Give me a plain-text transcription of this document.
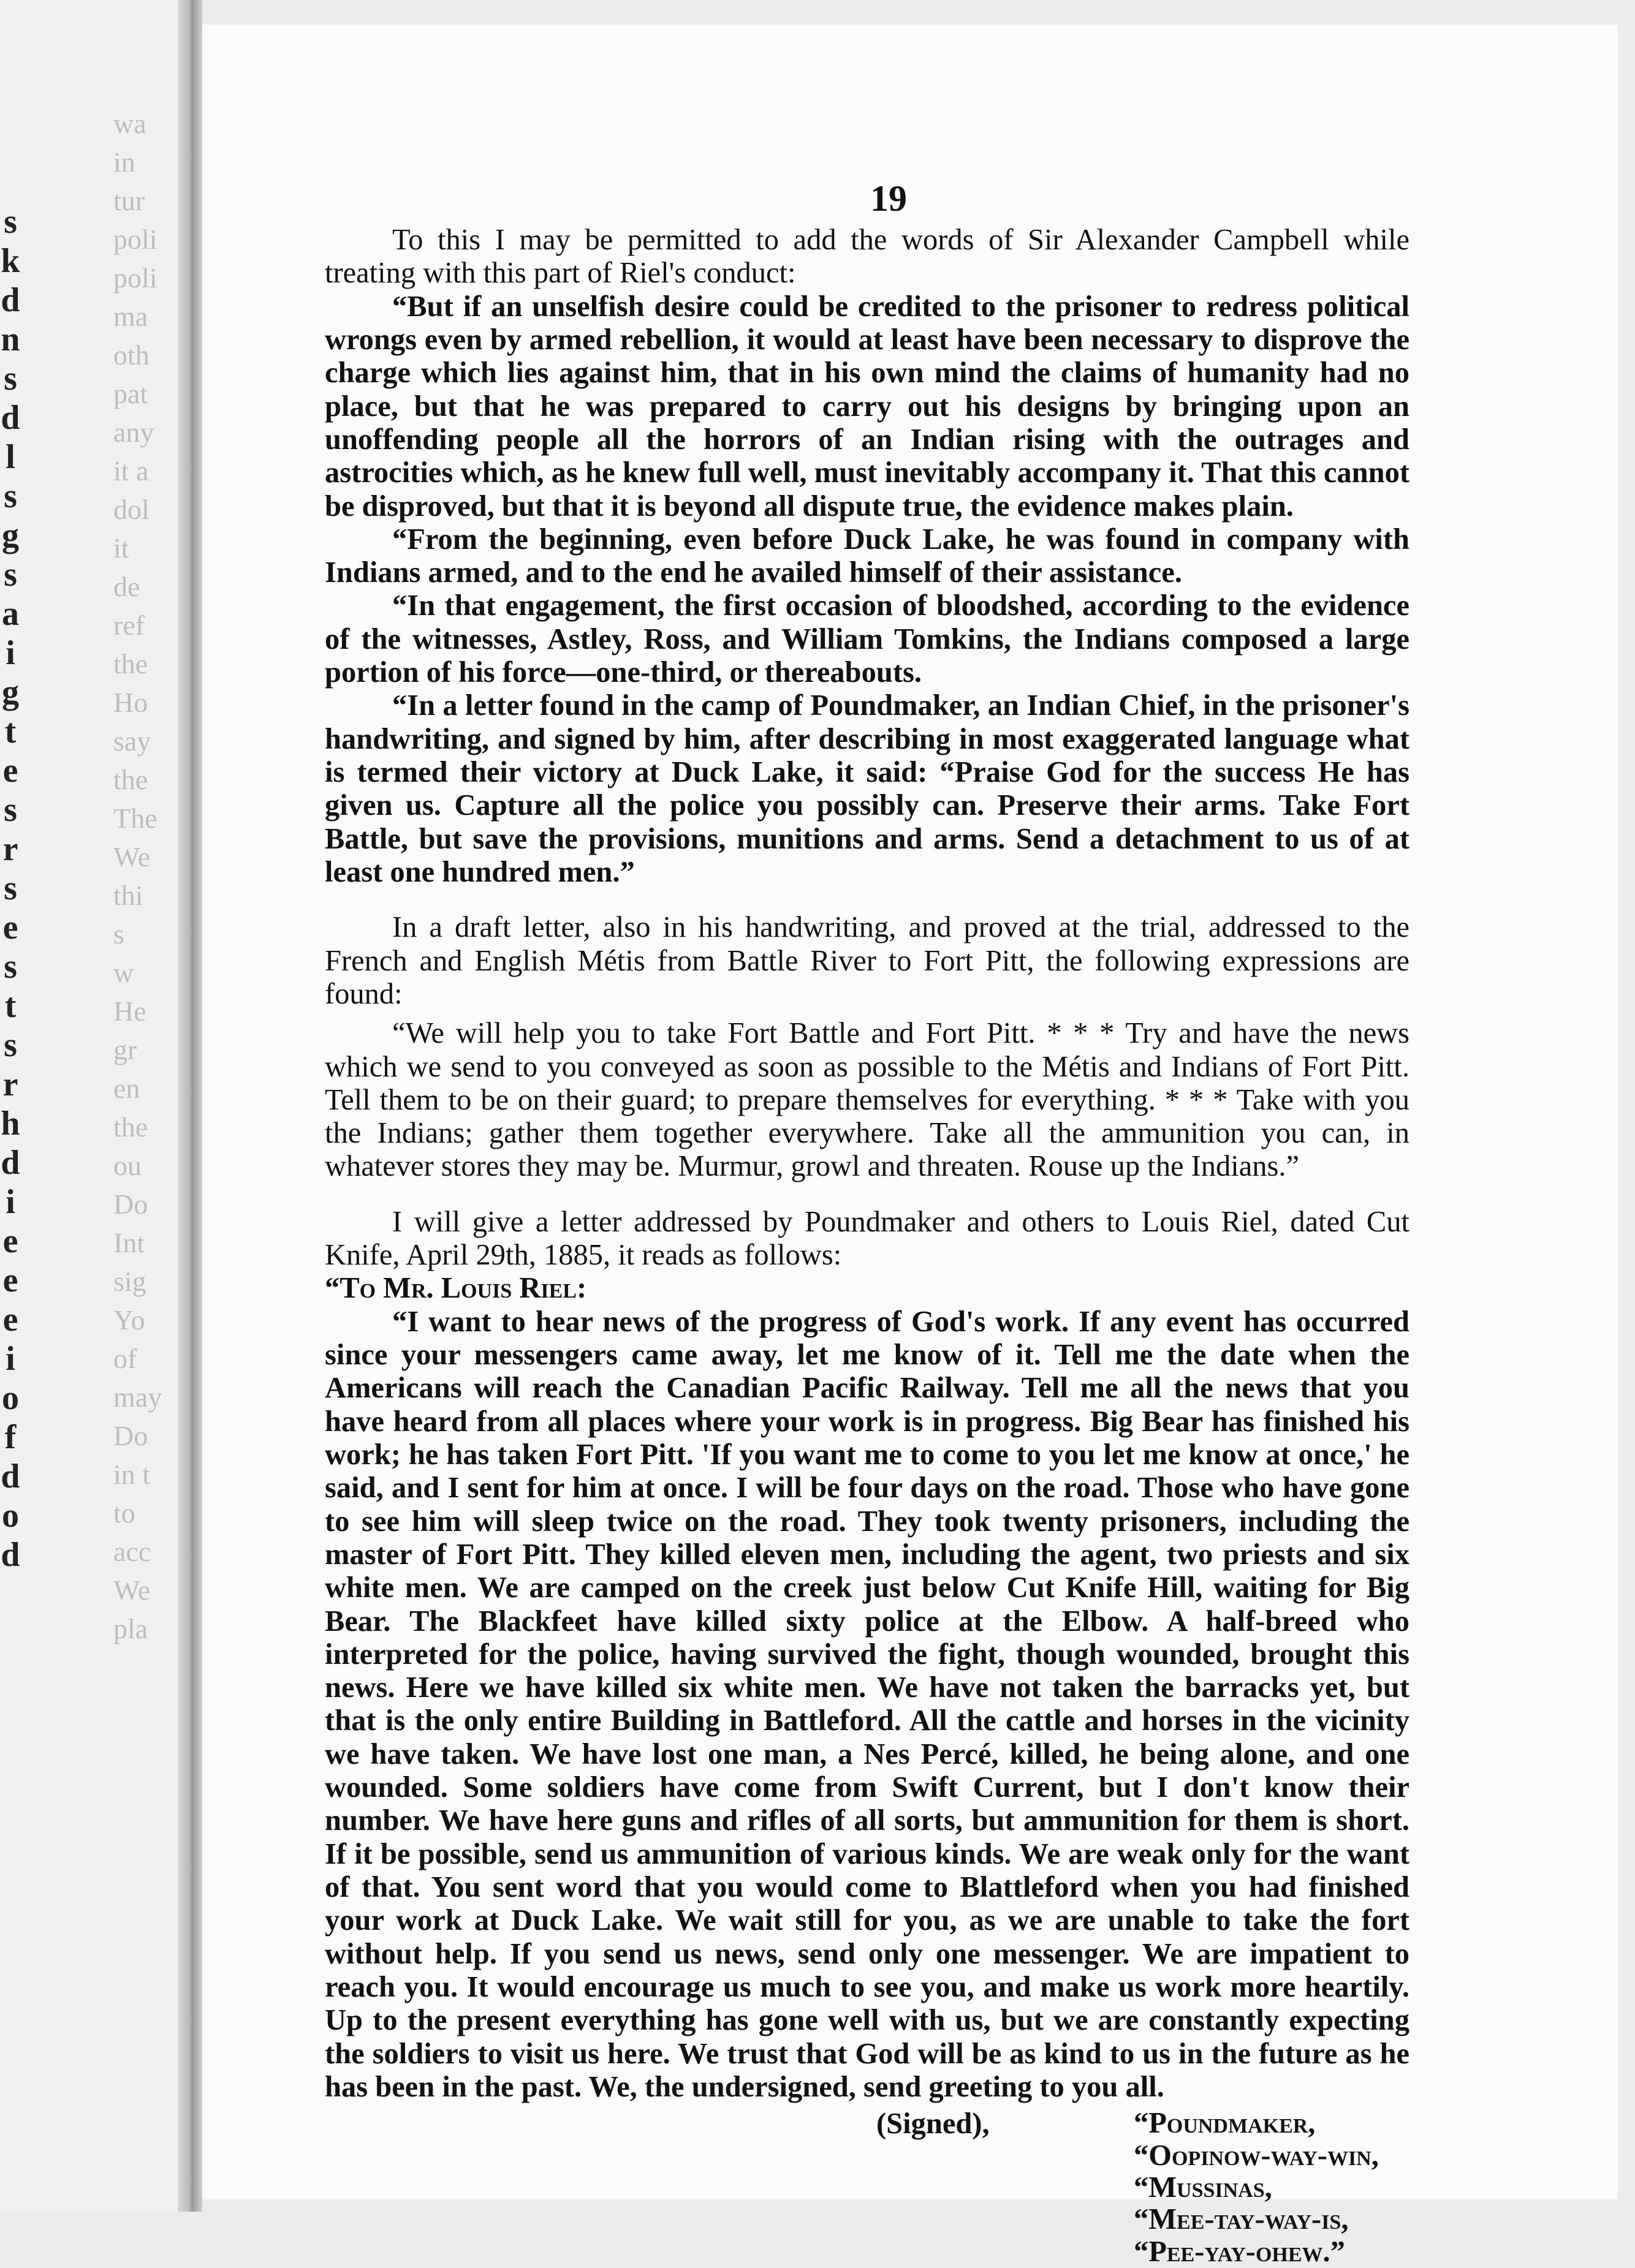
wa
in
tur
poli
poli
ma
oth
pat
any
it a
dol
it
de
ref
the
Ho
say
the
The
We
thi
s
w
He
gr
en
the
ou
Do
Int
sig
Yo
of
may
Do
in t
to
acc
We
pla
s
k
d
n
s
d
l
s
g
s
a
i
g
t
e
s
r
s
e
s
t
s
r
h
d
i
e
e
e
i
o
f
d
o
d
19

To this I may be permitted to add the words of Sir Alexander Campbell while treating with this part of Riel's conduct:

“But if an unselfish desire could be credited to the prisoner to redress political wrongs even by armed rebellion, it would at least have been necessary to disprove the charge which lies against him, that in his own mind the claims of humanity had no place, but that he was prepared to carry out his designs by bringing upon an unoffending people all the horrors of an Indian rising with the outrages and astrocities which, as he knew full well, must inevitably accompany it. That this cannot be disproved, but that it is beyond all dispute true, the evidence makes plain.

“From the beginning, even before Duck Lake, he was found in company with Indians armed, and to the end he availed himself of their assistance.

“In that engagement, the first occasion of bloodshed, according to the evidence of the witnesses, Astley, Ross, and William Tomkins, the Indians composed a large portion of his force—one-third, or thereabouts.

“In a letter found in the camp of Poundmaker, an Indian Chief, in the prisoner's handwriting, and signed by him, after describing in most exaggerated language what is termed their victory at Duck Lake, it said: “Praise God for the success He has given us. Capture all the police you possibly can. Preserve their arms. Take Fort Battle, but save the provisions, munitions and arms. Send a detachment to us of at least one hundred men.”

In a draft letter, also in his handwriting, and proved at the trial, addressed to the French and English Métis from Battle River to Fort Pitt, the following expressions are found:

“We will help you to take Fort Battle and Fort Pitt. * * * Try and have the news which we send to you conveyed as soon as possible to the Métis and Indians of Fort Pitt. Tell them to be on their guard; to prepare themselves for everything. * * * Take with you the Indians; gather them together everywhere. Take all the ammunition you can, in whatever stores they may be. Murmur, growl and threaten. Rouse up the Indians.”

I will give a letter addressed by Poundmaker and others to Louis Riel, dated Cut Knife, April 29th, 1885, it reads as follows:

“To Mr. Louis Riel:

“I want to hear news of the progress of God's work. If any event has occurred since your messengers came away, let me know of it. Tell me the date when the Americans will reach the Canadian Pacific Railway. Tell me all the news that you have heard from all places where your work is in progress. Big Bear has finished his work; he has taken Fort Pitt. 'If you want me to come to you let me know at once,' he said, and I sent for him at once. I will be four days on the road. Those who have gone to see him will sleep twice on the road. They took twenty prisoners, including the master of Fort Pitt. They killed eleven men, including the agent, two priests and six white men. We are camped on the creek just below Cut Knife Hill, waiting for Big Bear. The Blackfeet have killed sixty police at the Elbow. A half-breed who interpreted for the police, having survived the fight, though wounded, brought this news. Here we have killed six white men. We have not taken the barracks yet, but that is the only entire Building in Battleford. All the cattle and horses in the vicinity we have taken. We have lost one man, a Nes Percé, killed, he being alone, and one wounded. Some soldiers have come from Swift Current, but I don't know their number. We have here guns and rifles of all sorts, but ammunition for them is short. If it be possible, send us ammunition of various kinds. We are weak only for the want of that. You sent word that you would come to Blattleford when you had finished your work at Duck Lake. We wait still for you, as we are unable to take the fort without help. If you send us news, send only one messenger. We are impatient to reach you. It would encourage us much to see you, and make us work more heartily. Up to the present everything has gone well with us, but we are constantly expecting the soldiers to visit us here. We trust that God will be as kind to us in the future as he has been in the past. We, the undersigned, send greeting to you all.

(Signed),	“Poundmaker,
“Oopinow-way-win,
“Mussinas,
“Mee-tay-way-is,
“Pee-yay-ohew.”
